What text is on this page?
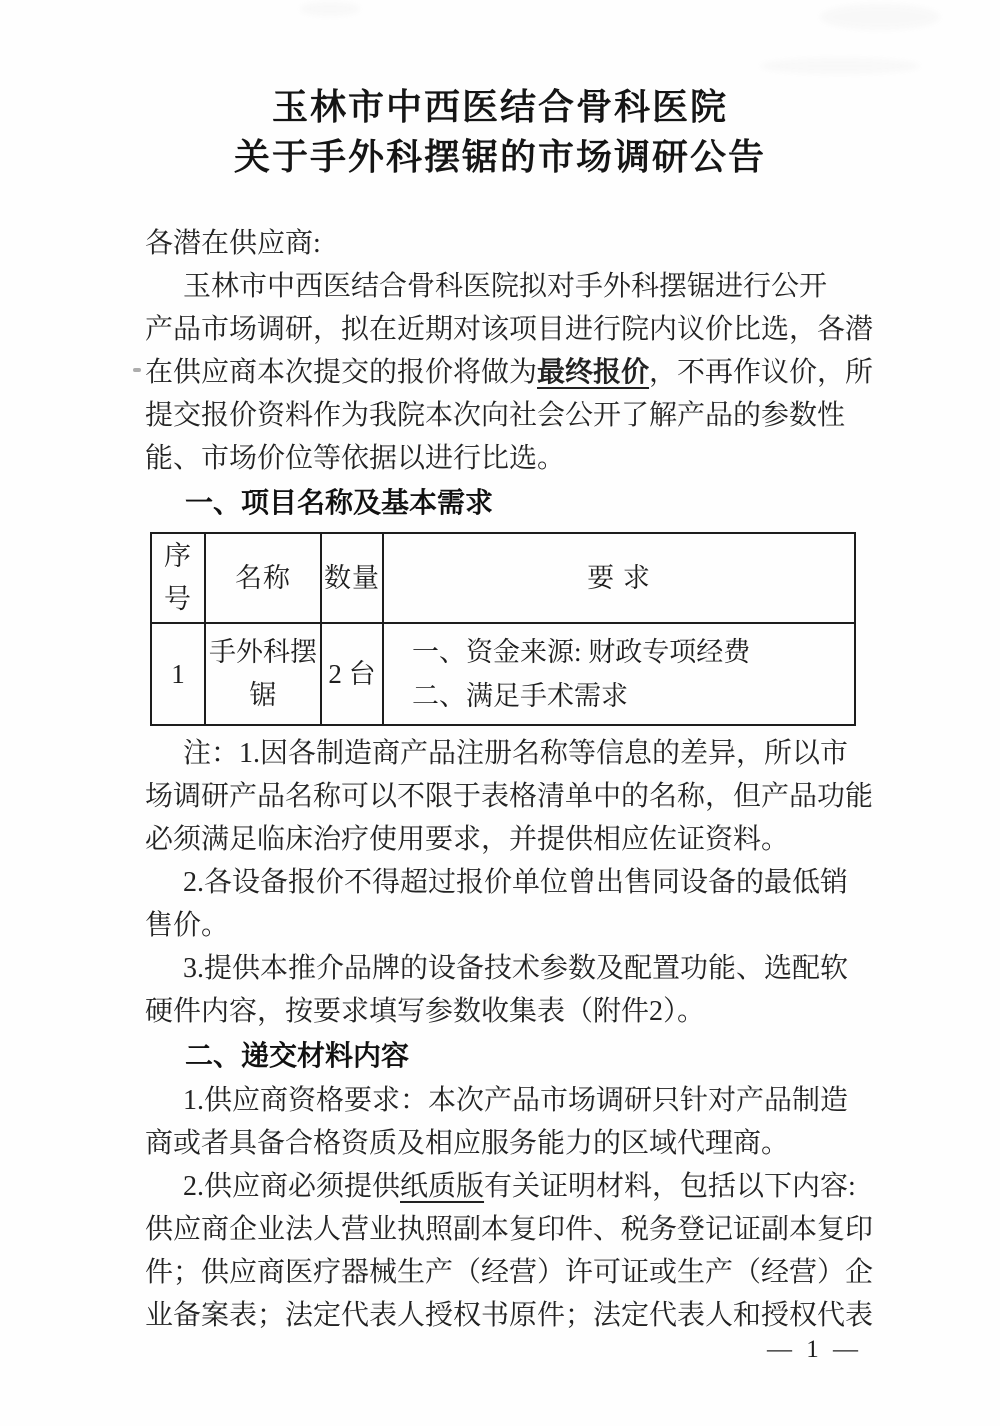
玉林市中西医结合骨科医院
关于手外科摆锯的市场调研公告
各潜在供应商:
玉林市中西医结合骨科医院拟对手外科摆锯进行公开
产品市场调研，拟在近期对该项目进行院内议价比选，各潜
在供应商本次提交的报价将做为最终报价，不再作议价，所
提交报价资料作为我院本次向社会公开了解产品的参数性
能、市场价位等依据以进行比选。
一、项目名称及基本需求
序号	名称	数量	要 求
1	手外科摆锯	2 台	一、资金来源: 财政专项经费
二、满足手术需求
注：1.因各制造商产品注册名称等信息的差异，所以市
场调研产品名称可以不限于表格清单中的名称，但产品功能
必须满足临床治疗使用要求，并提供相应佐证资料。
2.各设备报价不得超过报价单位曾出售同设备的最低销
售价。
3.提供本推介品牌的设备技术参数及配置功能、选配软
硬件内容，按要求填写参数收集表（附件2）。
二、递交材料内容
1.供应商资格要求：本次产品市场调研只针对产品制造
商或者具备合格资质及相应服务能力的区域代理商。
2.供应商必须提供纸质版有关证明材料，包括以下内容:
供应商企业法人营业执照副本复印件、税务登记证副本复印
件；供应商医疗器械生产（经营）许可证或生产（经营）企
业备案表；法定代表人授权书原件；法定代表人和授权代表
— 1 —
